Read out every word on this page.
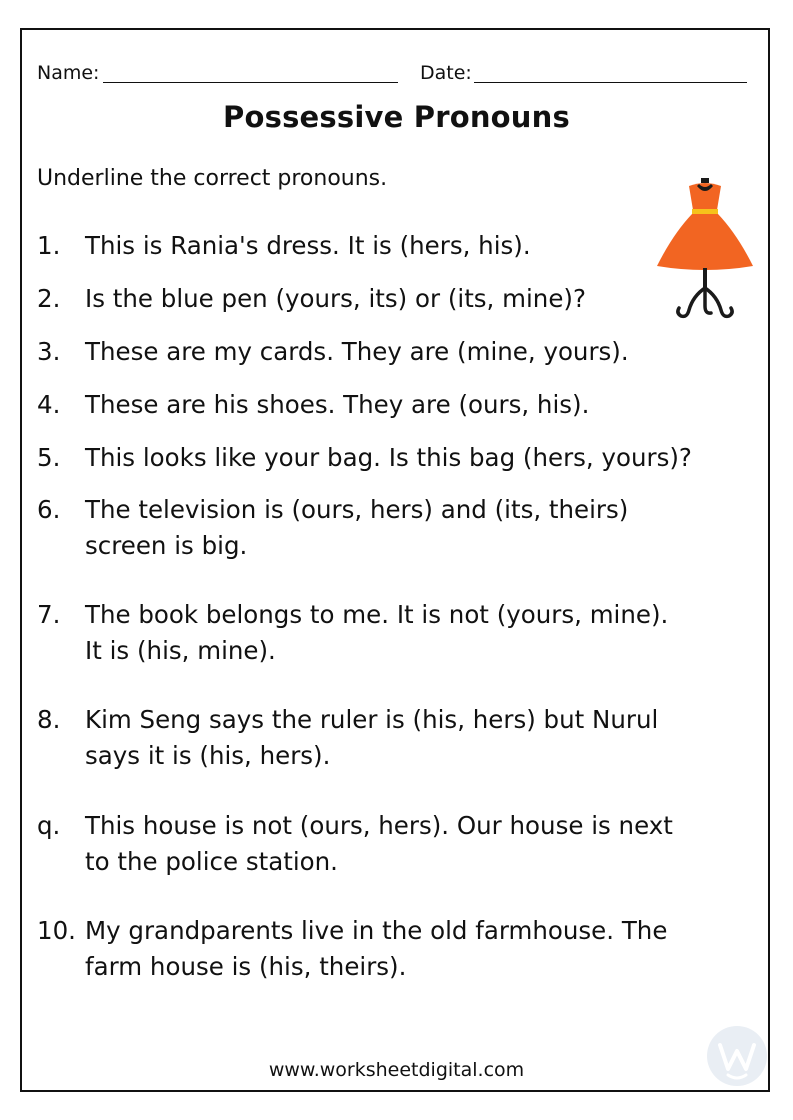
Name:	Date:
Possessive Pronouns
Underline the correct pronouns.
1.	This is Rania's dress. It is (hers, his).
2.	Is the blue pen (yours, its) or (its, mine)?
3.	These are my cards. They are (mine, yours).
4.	These are his shoes. They are (ours, his).
5.	This looks like your bag. Is this bag (hers, yours)?
6.	The television is (ours, hers) and (its, theirs)
screen is big.
7.	The book belongs to me. It is not (yours, mine).
It is (his, mine).
8.	Kim Seng says the ruler is (his, hers) but Nurul
says it is (his, hers).
q.	This house is not (ours, hers). Our house is next
to the police station.
10. My grandparents live in the old farmhouse. The
farm house is (his, theirs).
www.worksheetdigital.com
